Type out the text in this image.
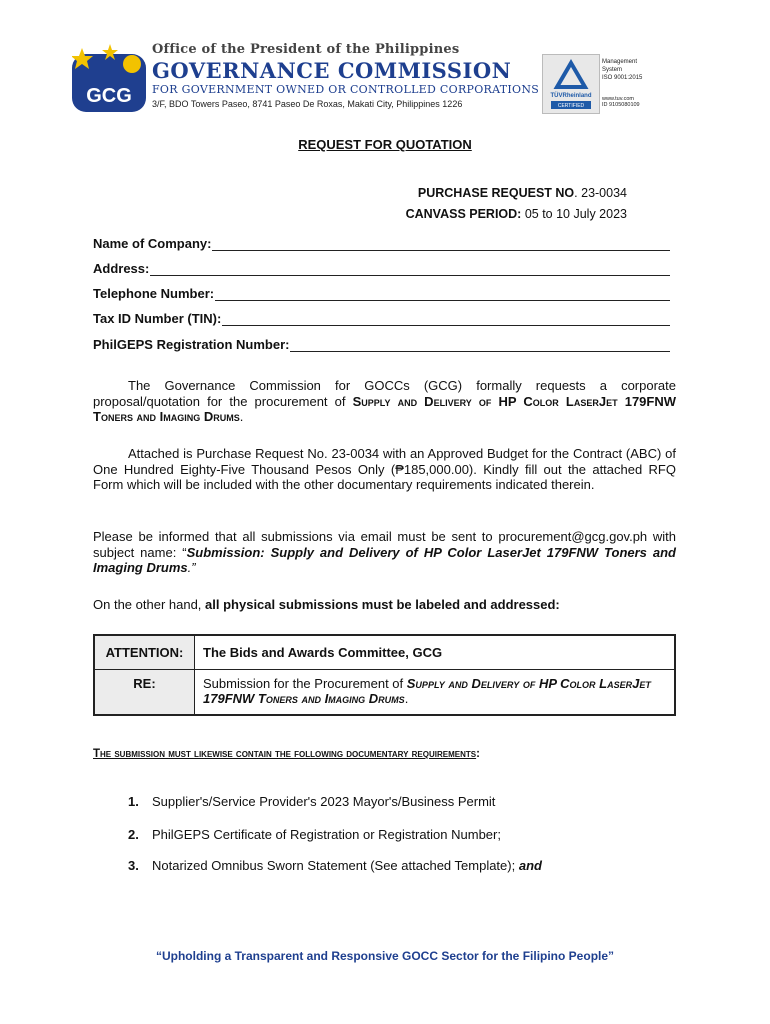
GCG
Office of the President of the Philippines
GOVERNANCE COMMISSION
FOR GOVERNMENT OWNED OR CONTROLLED CORPORATIONS
3/F, BDO Towers Paseo, 8741 Paseo De Roxas, Makati City, Philippines 1226
TÜVRheinland
CERTIFIED
Management
System
ISO 9001:2015
www.tuv.com
ID 9105080109
REQUEST FOR QUOTATION
PURCHASE REQUEST NO. 23-0034
CANVASS PERIOD: 05 to 10 July 2023
Name of Company:
Address:
Telephone Number:
Tax ID Number (TIN):
PhilGEPS Registration Number:
The Governance Commission for GOCCs (GCG) formally requests a corporate proposal/quotation for the procurement of Supply and Delivery of HP Color LaserJet 179FNW Toners and Imaging Drums.
Attached is Purchase Request No. 23-0034 with an Approved Budget for the Contract (ABC) of One Hundred Eighty-Five Thousand Pesos Only (₱185,000.00). Kindly fill out the attached RFQ Form which will be included with the other documentary requirements indicated therein.
Please be informed that all submissions via email must be sent to procurement@gcg.gov.ph with subject name: “Submission: Supply and Delivery of HP Color LaserJet 179FNW Toners and Imaging Drums.”
On the other hand, all physical submissions must be labeled and addressed:
ATTENTION:	The Bids and Awards Committee, GCG
RE:	Submission for the Procurement of Supply and Delivery of HP Color LaserJet 179FNW Toners and Imaging Drums.
The submission must likewise contain the following documentary requirements:
1. Supplier's/Service Provider's 2023 Mayor's/Business Permit
2. PhilGEPS Certificate of Registration or Registration Number;
3. Notarized Omnibus Sworn Statement (See attached Template); and
“Upholding a Transparent and Responsive GOCC Sector for the Filipino People”
